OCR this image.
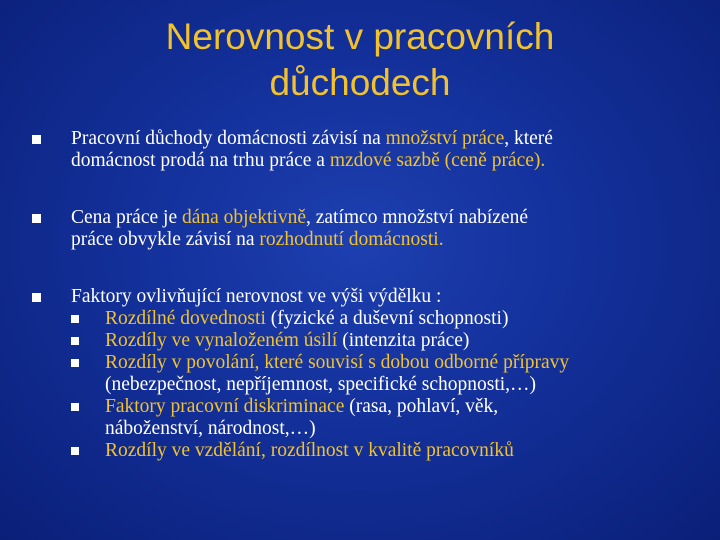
Nerovnost v pracovních
důchodech
Pracovní důchody domácnosti závisí na množství práce, které
domácnost prodá na trhu práce a mzdové sazbě (ceně práce).
Cena práce je dána objektivně, zatímco množství nabízené
práce obvykle závisí na rozhodnutí domácnosti.
Faktory ovlivňující nerovnost ve výši výdělku :
Rozdílné dovednosti (fyzické a duševní schopnosti)
Rozdíly ve vynaloženém úsilí (intenzita práce)
Rozdíly v povolání, které souvisí s dobou odborné přípravy
(nebezpečnost, nepříjemnost, specifické schopnosti,…)
Faktory pracovní diskriminace (rasa, pohlaví, věk,
náboženství, národnost,…)
Rozdíly ve vzdělání, rozdílnost v kvalitě pracovníků
